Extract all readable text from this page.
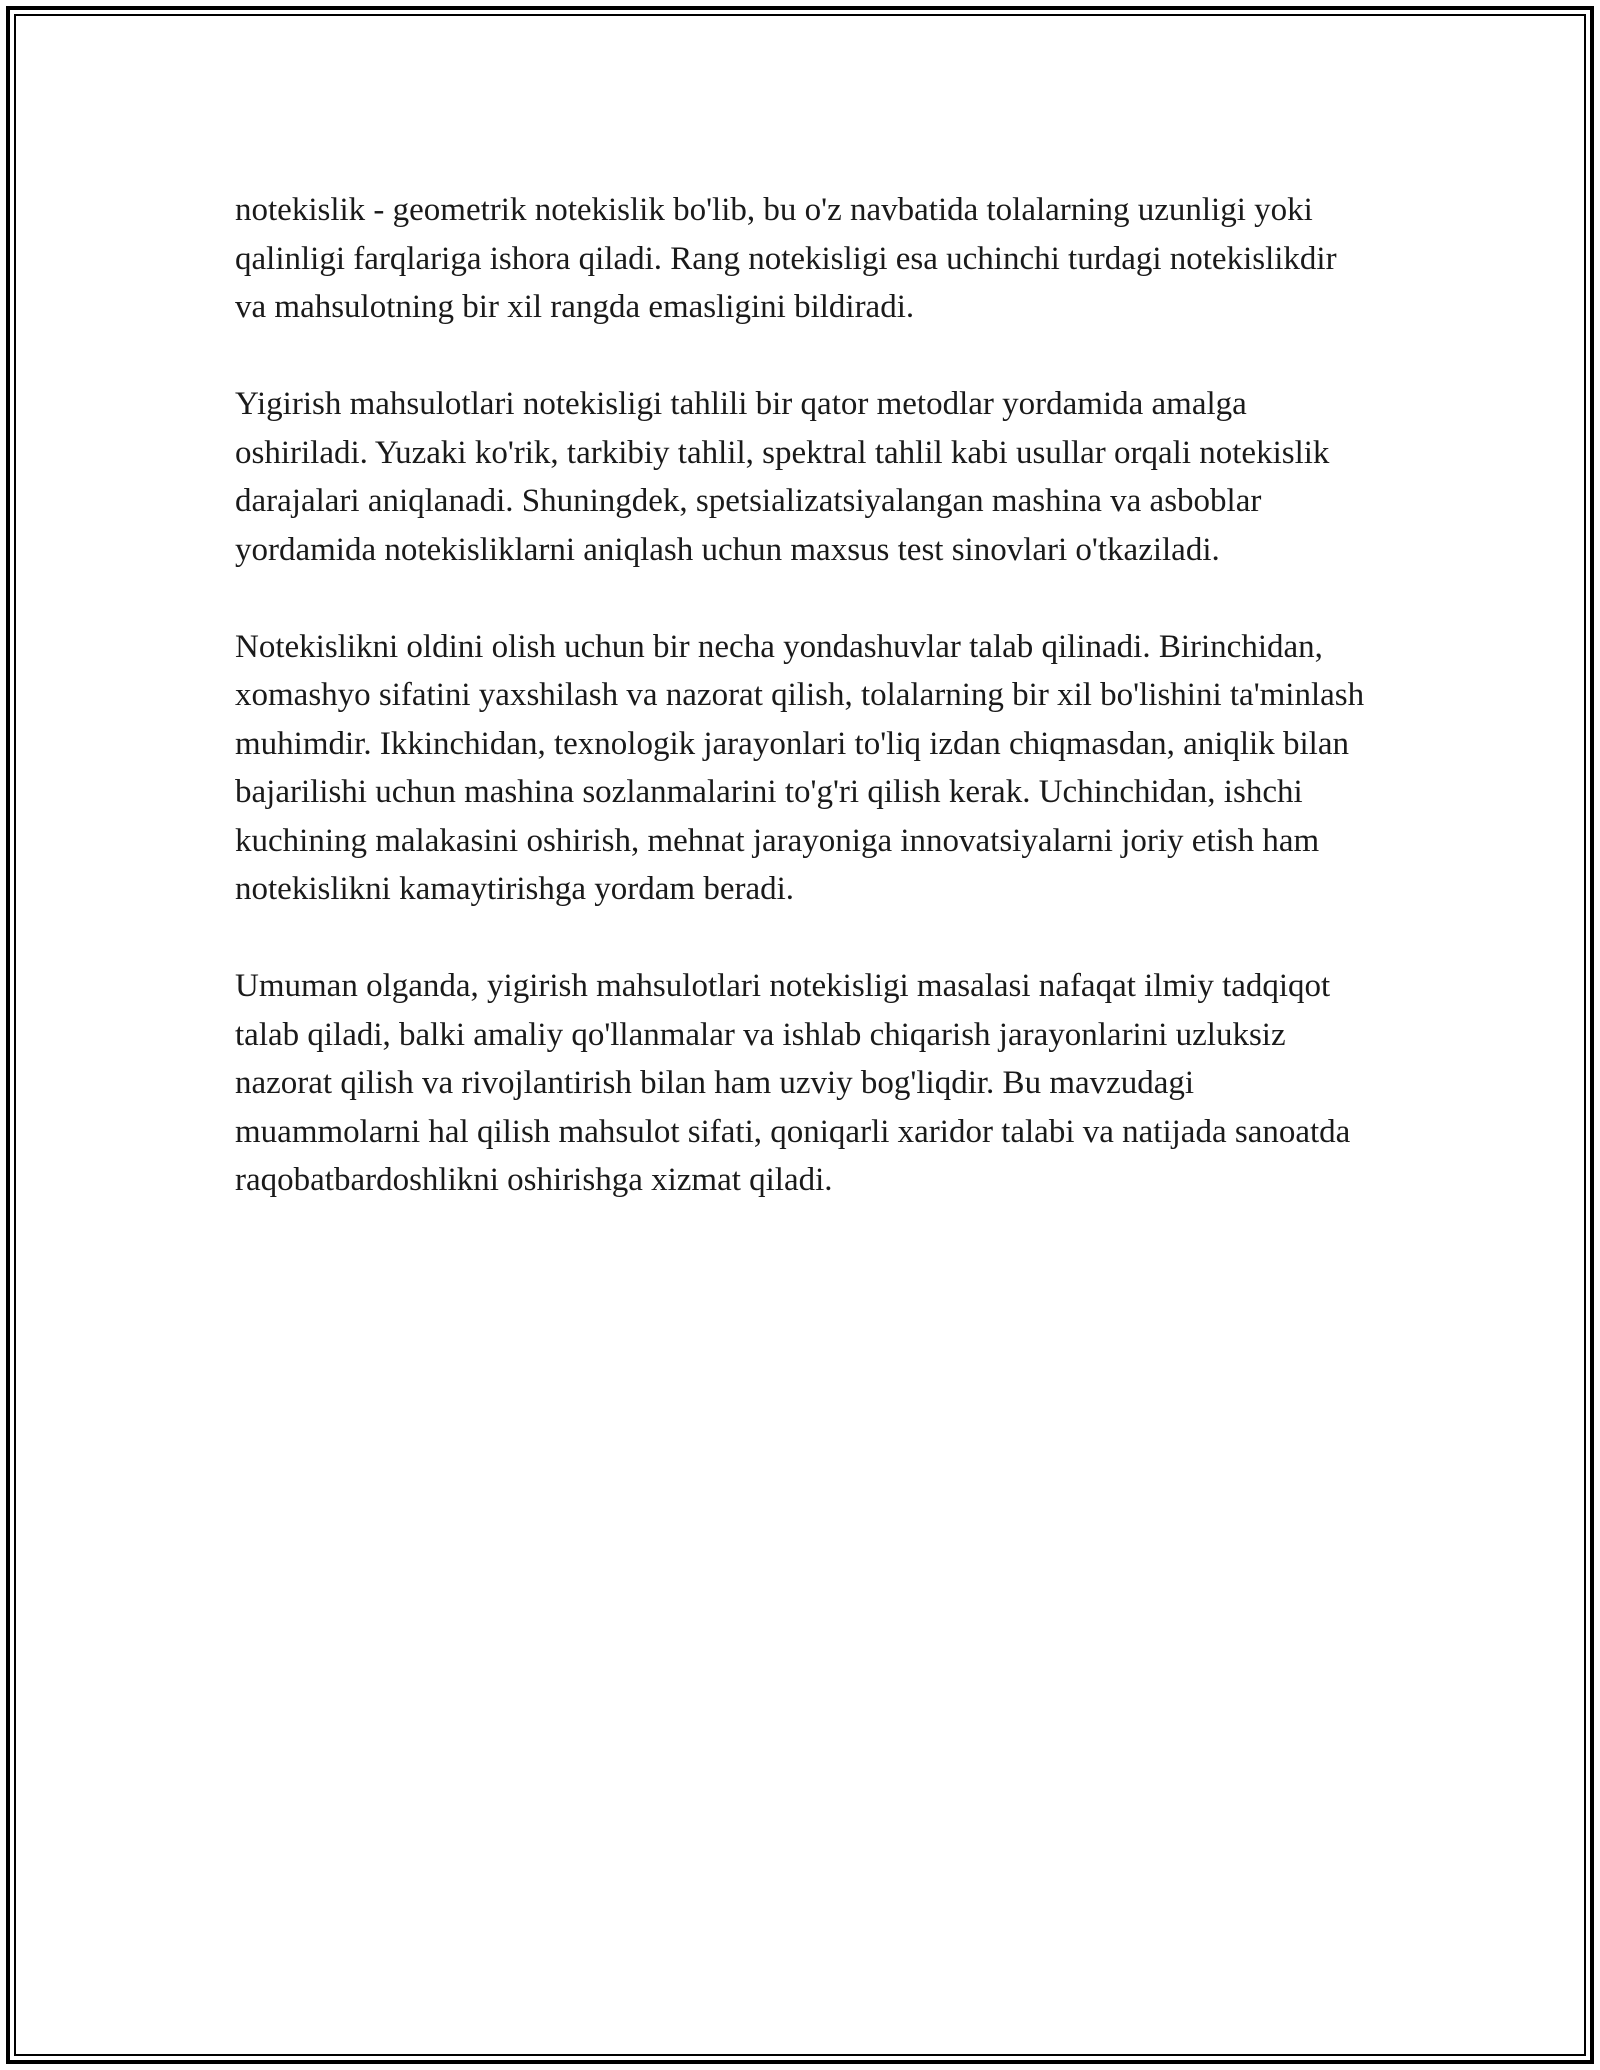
notekislik - geometrik notekislik bo'lib, bu o'z navbatida tolalarning uzunligi yoki qalinligi farqlariga ishora qiladi. Rang notekisligi esa uchinchi turdagi notekislikdir va mahsulotning bir xil rangda emasligini bildiradi.

Yigirish mahsulotlari notekisligi tahlili bir qator metodlar yordamida amalga oshiriladi. Yuzaki ko'rik, tarkibiy tahlil, spektral tahlil kabi usullar orqali notekislik darajalari aniqlanadi. Shuningdek, spetsializatsiyalangan mashina va asboblar yordamida notekisliklarni aniqlash uchun maxsus test sinovlari o'tkaziladi.

Notekislikni oldini olish uchun bir necha yondashuvlar talab qilinadi. Birinchidan, xomashyo sifatini yaxshilash va nazorat qilish, tolalarning bir xil bo'lishini ta'minlash muhimdir. Ikkinchidan, texnologik jarayonlari to'liq izdan chiqmasdan, aniqlik bilan bajarilishi uchun mashina sozlanmalarini to'g'ri qilish kerak. Uchinchidan, ishchi kuchining malakasini oshirish, mehnat jarayoniga innovatsiyalarni joriy etish ham notekislikni kamaytirishga yordam beradi.

Umuman olganda, yigirish mahsulotlari notekisligi masalasi nafaqat ilmiy tadqiqot talab qiladi, balki amaliy qo'llanmalar va ishlab chiqarish jarayonlarini uzluksiz nazorat qilish va rivojlantirish bilan ham uzviy bog'liqdir. Bu mavzudagi muammolarni hal qilish mahsulot sifati, qoniqarli xaridor talabi va natijada sanoatda raqobatbardoshlikni oshirishga xizmat qiladi.
